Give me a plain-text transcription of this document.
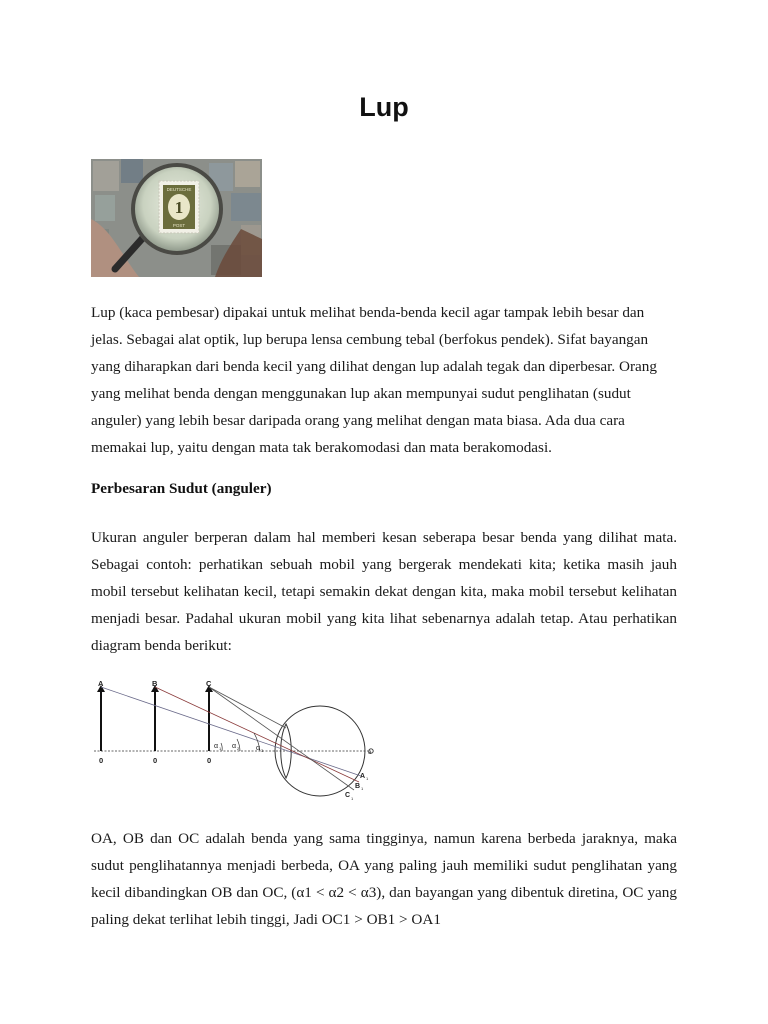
Lup
1
DEUTSCHE
POST

Lup (kaca pembesar) dipakai untuk melihat benda-benda kecil agar tampak lebih besar dan jelas. Sebagai alat optik, lup berupa lensa cembung tebal (berfokus pendek). Sifat bayangan yang diharapkan dari benda kecil yang dilihat dengan lup adalah tegak dan diperbesar. Orang yang melihat benda dengan menggunakan lup akan mempunyai sudut penglihatan (sudut anguler) yang lebih besar daripada orang yang melihat dengan mata biasa. Ada dua cara memakai lup, yaitu dengan mata tak berakomodasi dan mata berakomodasi.

Perbesaran Sudut (anguler)

Ukuran anguler berperan dalam hal memberi kesan seberapa besar benda yang dilihat mata. Sebagai contoh: perhatikan sebuah mobil yang bergerak mendekati kita; ketika masih jauh mobil tersebut kelihatan kecil, tetapi semakin dekat dengan kita, maka mobil tersebut kelihatan menjadi besar. Padahal ukuran mobil yang kita lihat sebenarnya adalah tetap. Atau perhatikan diagram benda berikut:

A	B	C
0	0	0
o
α 1 α 2 α 3
A 1
B 1
C 1

OA, OB dan OC adalah benda yang sama tingginya, namun karena berbeda jaraknya, maka sudut penglihatannya menjadi berbeda, OA yang paling jauh memiliki sudut penglihatan yang kecil dibandingkan OB dan OC, (α1 < α2 < α3), dan bayangan yang dibentuk diretina, OC yang paling dekat terlihat lebih tinggi, Jadi OC1 > OB1 > OA1
